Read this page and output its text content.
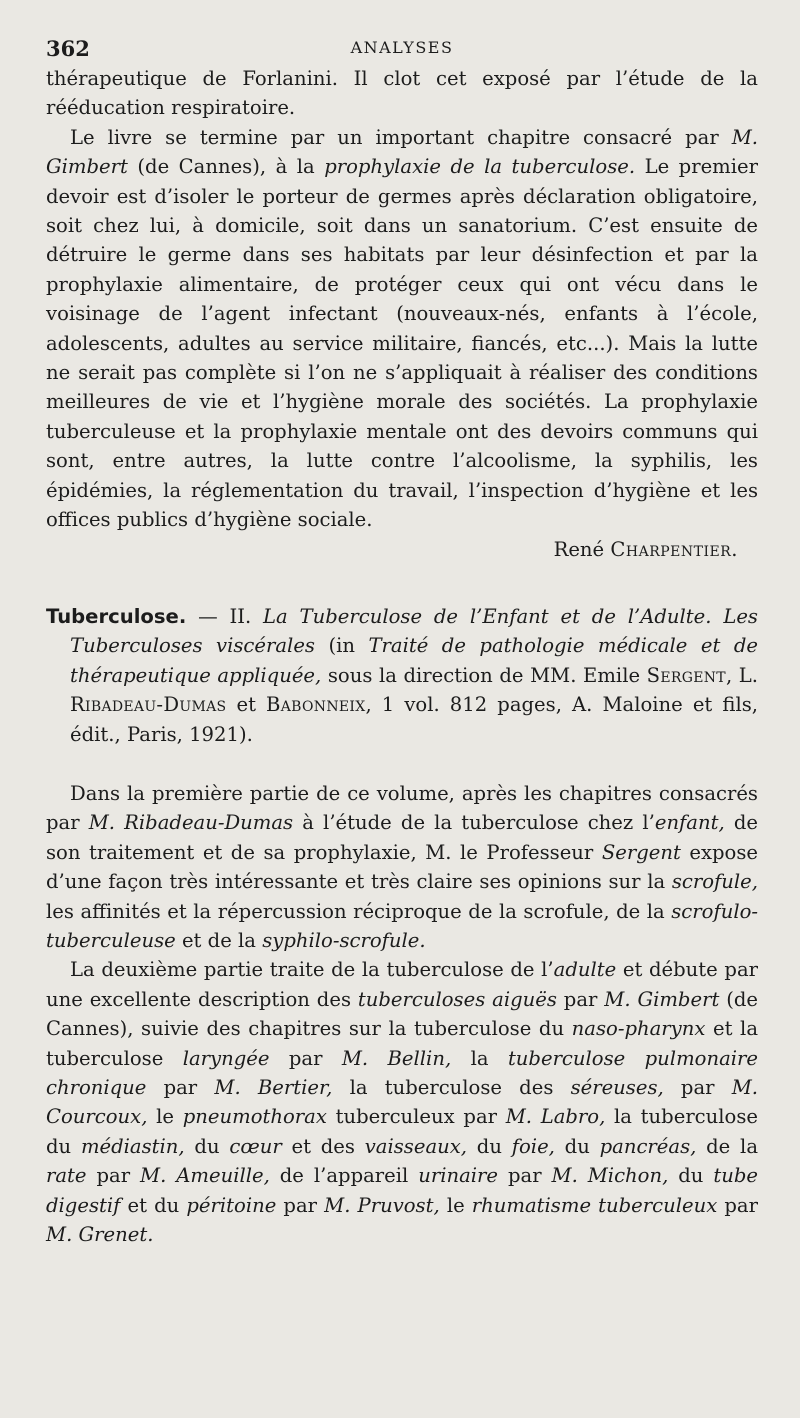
362	ANALYSES

thérapeutique de Forlanini. Il clot cet exposé par l’étude de la rééducation respiratoire.

Le livre se termine par un important chapitre consacré par M. Gimbert (de Cannes), à la prophylaxie de la tuberculose. Le premier devoir est d’isoler le porteur de germes après déclaration obligatoire, soit chez lui, à domicile, soit dans un sanatorium. C’est ensuite de détruire le germe dans ses habitats par leur désinfection et par la prophylaxie alimentaire, de protéger ceux qui ont vécu dans le voisinage de l’agent infectant (nouveaux-nés, enfants à l’école, adolescents, adultes au service militaire, fiancés, etc...). Mais la lutte ne serait pas complète si l’on ne s’appliquait à réaliser des conditions meilleures de vie et l’hygiène morale des sociétés. La prophylaxie tuberculeuse et la prophylaxie mentale ont des devoirs communs qui sont, entre autres, la lutte contre l’alcoolisme, la syphilis, les épidémies, la réglementation du travail, l’inspection d’hygiène et les offices publics d’hygiène sociale.

René Charpentier.
Tuberculose. — II. La Tuberculose de l’Enfant et de l’Adulte. Les Tuberculoses viscérales (in Traité de pathologie médicale et de thérapeutique appliquée, sous la direction de MM. Emile Sergent, L. Ribadeau-Dumas et Babonneix, 1 vol. 812 pages, A. Maloine et fils, édit., Paris, 1921).

Dans la première partie de ce volume, après les chapitres consacrés par M. Ribadeau-Dumas à l’étude de la tuberculose chez l’enfant, de son traitement et de sa prophylaxie, M. le Professeur Sergent expose d’une façon très intéressante et très claire ses opinions sur la scrofule, les affinités et la répercussion réciproque de la scrofule, de la scrofulo-tuberculeuse et de la syphilo-scrofule.

La deuxième partie traite de la tuberculose de l’adulte et débute par une excellente description des tuberculoses aiguës par M. Gimbert (de Cannes), suivie des chapitres sur la tuberculose du naso-pharynx et la tuberculose laryngée par M. Bellin, la tuberculose pulmonaire chronique par M. Bertier, la tuberculose des séreuses, par M. Courcoux, le pneumothorax tuberculeux par M. Labro, la tuberculose du médiastin, du cœur et des vaisseaux, du foie, du pancréas, de la rate par M. Ameuille, de l’appareil urinaire par M. Michon, du tube digestif et du péritoine par M. Pruvost, le rhumatisme tuberculeux par M. Grenet.
